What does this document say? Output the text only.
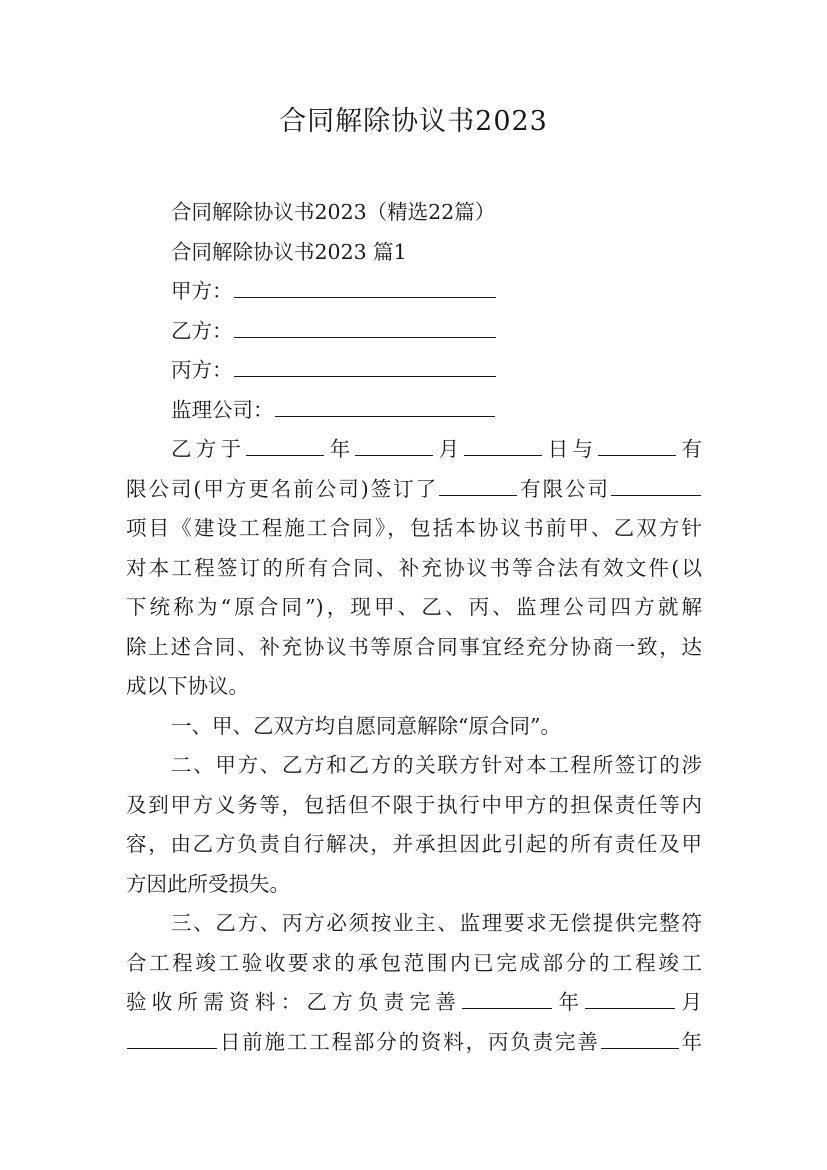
合同解除协议书2023
合同解除协议书2023（精选22篇）
合同解除协议书2023 篇1
甲方：
乙方：
丙方：
监理公司：
乙方于	年	月	日与	有
限公司(甲方更名前公司)签订了	有限公司
项目《建设工程施工合同》，包括本协议书前甲、乙双方针
对本工程签订的所有合同、补充协议书等合法有效文件(以
下统称为“原合同”)，现甲、乙、丙、监理公司四方就解
除上述合同、补充协议书等原合同事宜经充分协商一致，达
成以下协议。
一、甲、乙双方均自愿同意解除“原合同”。
二、甲方、乙方和乙方的关联方针对本工程所签订的涉
及到甲方义务等，包括但不限于执行中甲方的担保责任等内
容，由乙方负责自行解决，并承担因此引起的所有责任及甲
方因此所受损失。
三、乙方、丙方必须按业主、监理要求无偿提供完整符
合工程竣工验收要求的承包范围内已完成部分的工程竣工
验收所需资料：乙方负责完善	年	月
日前施工工程部分的资料，丙负责完善	年
